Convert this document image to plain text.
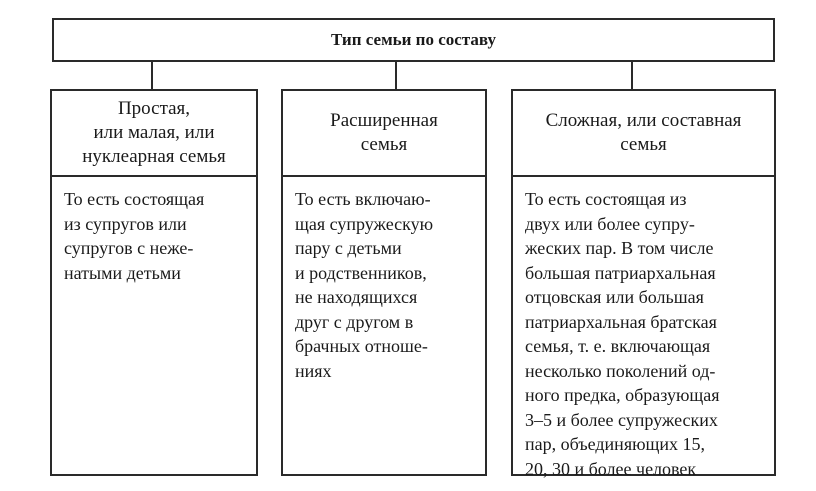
Тип семьи по составу
Простая,
или малая, или
нуклеарная семья
То есть состоящая
из супругов или
супругов с неже-
натыми детьми
Расширенная
семья
То есть включаю-
щая супружескую
пару с детьми
и родственников,
не находящихся
друг с другом в
брачных отноше-
ниях
Сложная, или составная
семья
То есть состоящая из
двух или более супру-
жеских пар. В том числе
большая патриархальная
отцовская или большая
патриархальная братская
семья, т. е. включающая
несколько поколений од-
ного предка, образующая
3–5 и более супружеских
пар, объединяющих 15,
20, 30 и более человек
